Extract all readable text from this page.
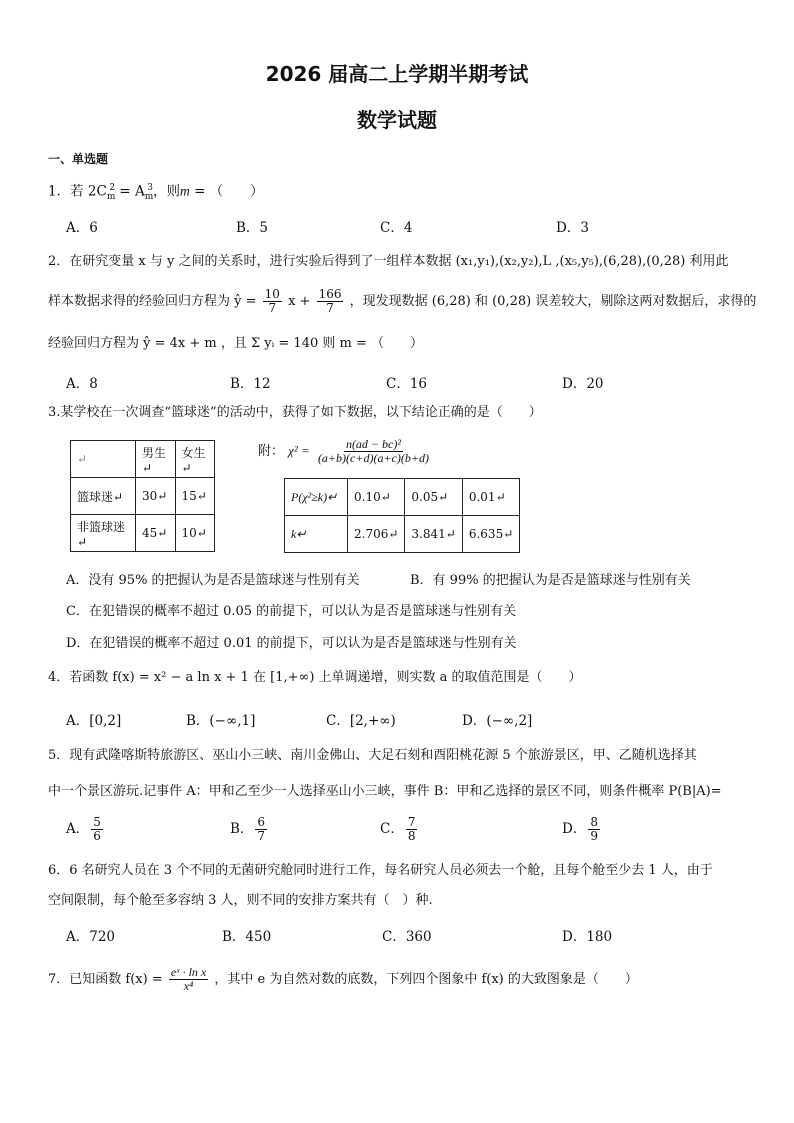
2026 届高二上学期半期考试
数学试题
一、单选题
1．若 $2C_m^2 = A_m^3$，则m = （　　）
A．6	B．5	C．4	D．3
2．在研究变量 x 与 y 之间的关系时，进行实验后得到了一组样本数据 (x₁,y₁),(x₂,y₂),L ,(x₅,y₅),(6,28),(0,28) 利用此
样本数据求得的经验回归方程为 ŷ = $\frac{10}{7}$ $x + \frac{166}{7}$ ，现发现数据 (6,28) 和 (0,28) 误差较大，剔除这两对数据后，求得的
经验回归方程为 ŷ = 4x + m ，且 Σ yᵢ = 140 则 m = （　　）
A．8	B．12	C．16	D．20
3.某学校在一次调查“篮球迷”的活动中，获得了如下数据，以下结论正确的是（　　）
↵	男生↵	女生↵
篮球迷↵	30↵	15↵
非篮球迷↵	45↵	10↵
附： $\chi^2 = \frac{\text{n(ad − bc)²}}{(a+b)(c+d)(a+c)(b+d)}$
P(χ²≥k)↵	0.10↵	0.05↵	0.01↵
k↵	2.706↵	3.841↵	6.635↵
A．没有 95% 的把握认为是否是篮球迷与性别有关	B．有 99% 的把握认为是否是篮球迷与性别有关
C．在犯错误的概率不超过 0.05 的前提下，可以认为是否是篮球迷与性别有关
D．在犯错误的概率不超过 0.01 的前提下，可以认为是否是篮球迷与性别有关
4．若函数 f(x) = x² − a ln x + 1 在 [1,+∞) 上单调递增，则实数 a 的取值范围是（　　）
A．[0,2]	B．(−∞,1]	C．[2,+∞)	D．(−∞,2]
5．现有武隆喀斯特旅游区、巫山小三峡、南川金佛山、大足石刻和酉阳桃花源 5 个旅游景区，甲、乙随机选择其
中一个景区游玩.记事件 A：甲和乙至少一人选择巫山小三峡，事件 B：甲和乙选择的景区不同，则条件概率 P(B|A)=
A． $\frac{5}{6}$	B． $\frac{6}{7}$	C． $\frac{7}{8}$	D． $\frac{8}{9}$
6．6 名研究人员在 3 个不同的无菌研究舱同时进行工作，每名研究人员必须去一个舱，且每个舱至少去 1 人，由于
空间限制，每个舱至多容纳 3 人，则不同的安排方案共有（　）种.
A．720	B．450	C．360	D．180
7．已知函数 $f(x) = \frac{\text{eˣ · ln x}}{\text{x⁴}}$ ，其中 e 为自然对数的底数，下列四个图象中 f(x) 的大致图象是（　　）
